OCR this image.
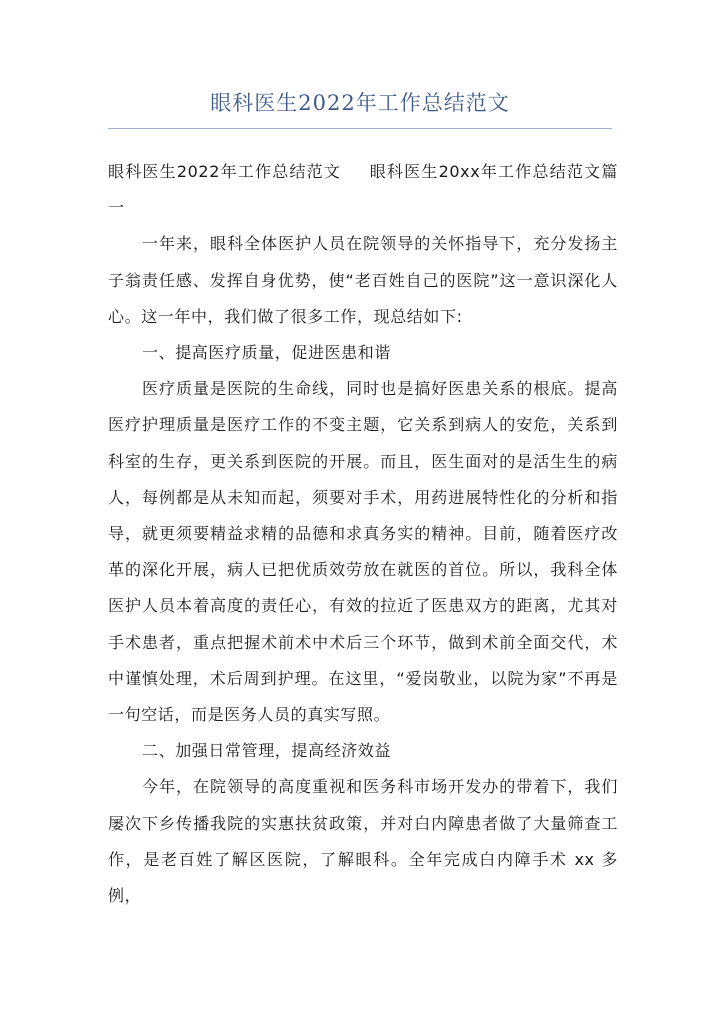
眼科医生2022年工作总结范文

眼科医生2022年工作总结范文 眼科医生20xx年工作总结范文篇一

一年来，眼科全体医护人员在院领导的关怀指导下，充分发扬主子翁责任感、发挥自身优势，使“老百姓自己的医院”这一意识深化人心。这一年中，我们做了很多工作，现总结如下:

一、提高医疗质量，促进医患和谐

医疗质量是医院的生命线，同时也是搞好医患关系的根底。提高医疗护理质量是医疗工作的不变主题，它关系到病人的安危，关系到科室的生存，更关系到医院的开展。而且，医生面对的是活生生的病人，每例都是从未知而起，须要对手术，用药进展特性化的分析和指导，就更须要精益求精的品德和求真务实的精神。目前，随着医疗改革的深化开展，病人已把优质效劳放在就医的首位。所以，我科全体医护人员本着高度的责任心，有效的拉近了医患双方的距离，尤其对手术患者，重点把握术前术中术后三个环节，做到术前全面交代，术中谨慎处理，术后周到护理。在这里，“爱岗敬业，以院为家”不再是一句空话，而是医务人员的真实写照。

二、加强日常管理，提高经济效益

今年，在院领导的高度重视和医务科市场开发办的带着下，我们屡次下乡传播我院的实惠扶贫政策，并对白内障患者做了大量筛查工作，是老百姓了解区医院，了解眼科。全年完成白内障手术 xx 多例，
